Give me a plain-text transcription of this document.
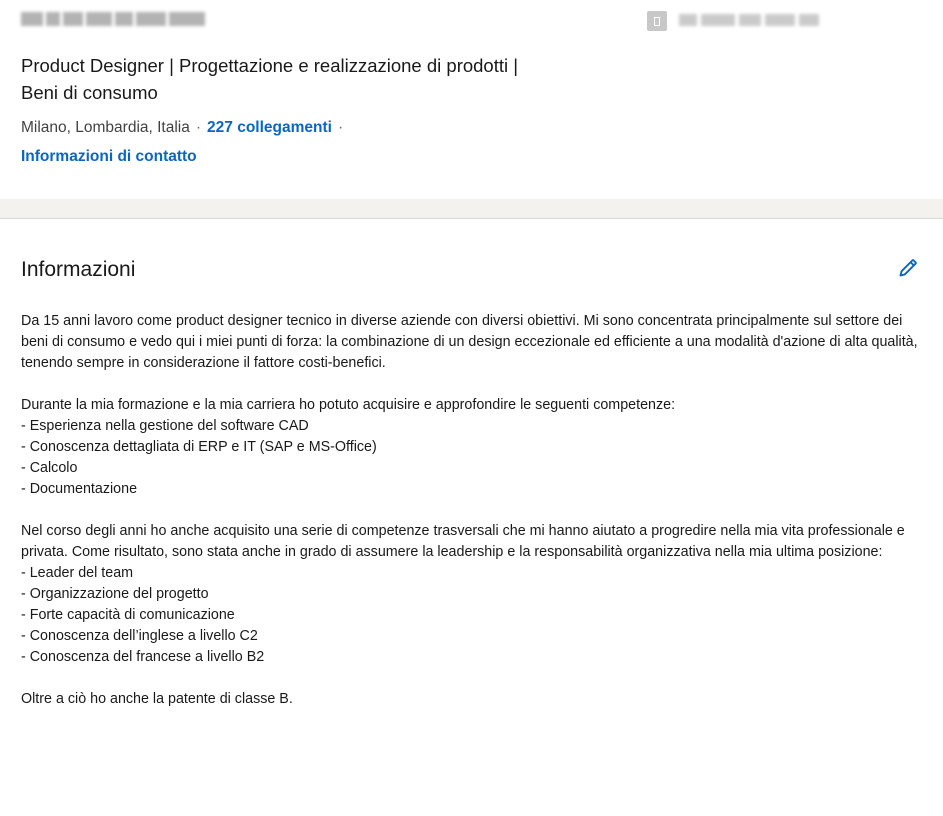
Product Designer | Progettazione e realizzazione di prodotti |
Beni di consumo
Milano, Lombardia, Italia · 227 collegamenti ·
Informazioni di contatto
Informazioni

Da 15 anni lavoro come product designer tecnico in diverse aziende con diversi obiettivi. Mi sono concentrata principalmente sul settore dei beni di consumo e vedo qui i miei punti di forza: la combinazione di un design eccezionale ed efficiente a una modalità d'azione di alta qualità, tenendo sempre in considerazione il fattore costi-benefici.

Durante la mia formazione e la mia carriera ho potuto acquisire e approfondire le seguenti competenze:
- Esperienza nella gestione del software CAD
- Conoscenza dettagliata di ERP e IT (SAP e MS-Office)
- Calcolo
- Documentazione

Nel corso degli anni ho anche acquisito una serie di competenze trasversali che mi hanno aiutato a progredire nella mia vita professionale e privata. Come risultato, sono stata anche in grado di assumere la leadership e la responsabilità organizzativa nella mia ultima posizione:
- Leader del team
- Organizzazione del progetto
- Forte capacità di comunicazione
- Conoscenza dell’inglese a livello C2
- Conoscenza del francese a livello B2

Oltre a ciò ho anche la patente di classe B.
